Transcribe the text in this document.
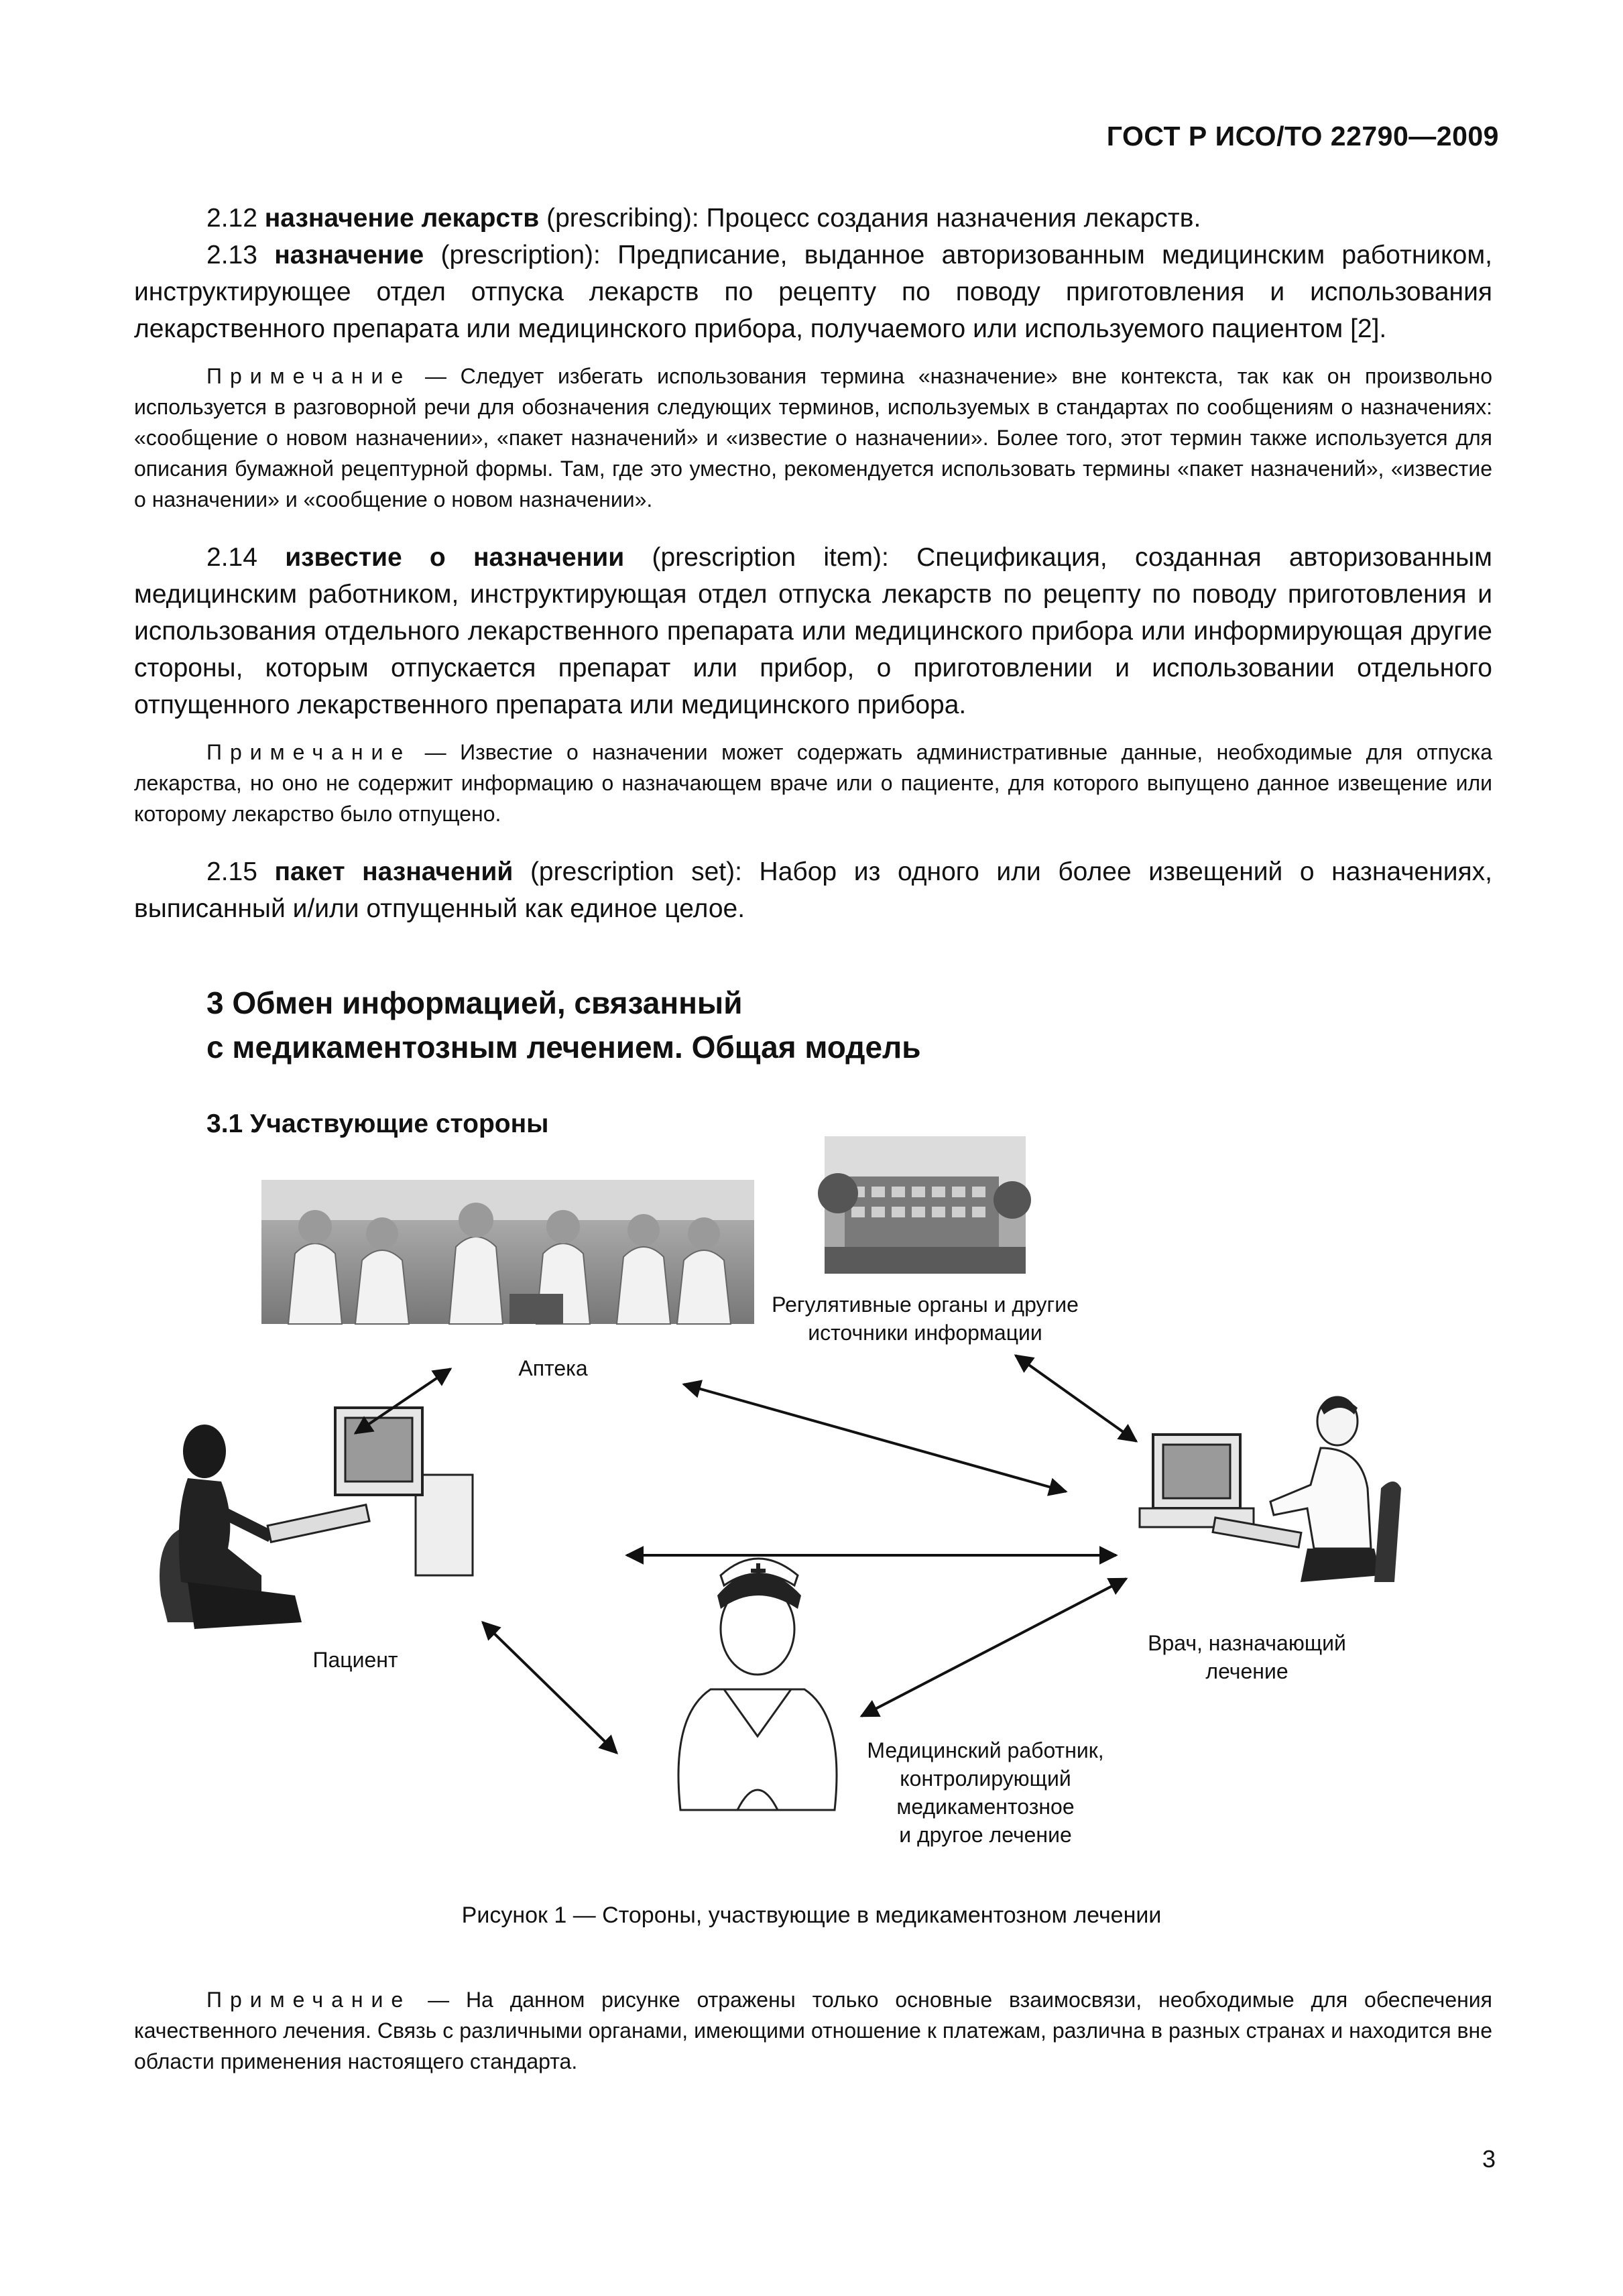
ГОСТ Р ИСО/ТО 22790—2009

2.12 назначение лекарств (prescribing): Процесс создания назначения лекарств.

2.13 назначение (prescription): Предписание, выданное авторизованным медицинским работником, инструктирующее отдел отпуска лекарств по рецепту по поводу приготовления и использования лекарственного препарата или медицинского прибора, получаемого или используемого пациентом [2].

Примечание — Следует избегать использования термина «назначение» вне контекста, так как он произвольно используется в разговорной речи для обозначения следующих терминов, используемых в стандартах по сообщениям о назначениях: «сообщение о новом назначении», «пакет назначений» и «известие о назначении». Более того, этот термин также используется для описания бумажной рецептурной формы. Там, где это уместно, рекомендуется использовать термины «пакет назначений», «известие о назначении» и «сообщение о новом назначении».

2.14 известие о назначении (prescription item): Спецификация, созданная авторизованным медицинским работником, инструктирующая отдел отпуска лекарств по рецепту по поводу приготовления и использования отдельного лекарственного препарата или медицинского прибора или информирующая другие стороны, которым отпускается препарат или прибор, о приготовлении и использовании отдельного отпущенного лекарственного препарата или медицинского прибора.

Примечание — Известие о назначении может содержать административные данные, необходимые для отпуска лекарства, но оно не содержит информацию о назначающем враче или о пациенте, для которого выпущено данное извещение или которому лекарство было отпущено.

2.15 пакет назначений (prescription set): Набор из одного или более извещений о назначениях, выписанный и/или отпущенный как единое целое.

3 Обмен информацией, связанный
с медикаментозным лечением. Общая модель
3.1 Участвующие стороны
Аптека
Регулятивные органы и другие
источники информации
Пациент
Врач, назначающий
лечение
Медицинский работник,
контролирующий
медикаментозное
и другое лечение
Рисунок 1 — Стороны, участвующие в медикаментозном лечении

Примечание — На данном рисунке отражены только основные взаимосвязи, необходимые для обеспечения качественного лечения. Связь с различными органами, имеющими отношение к платежам, различна в разных странах и находится вне области применения настоящего стандарта.

3
